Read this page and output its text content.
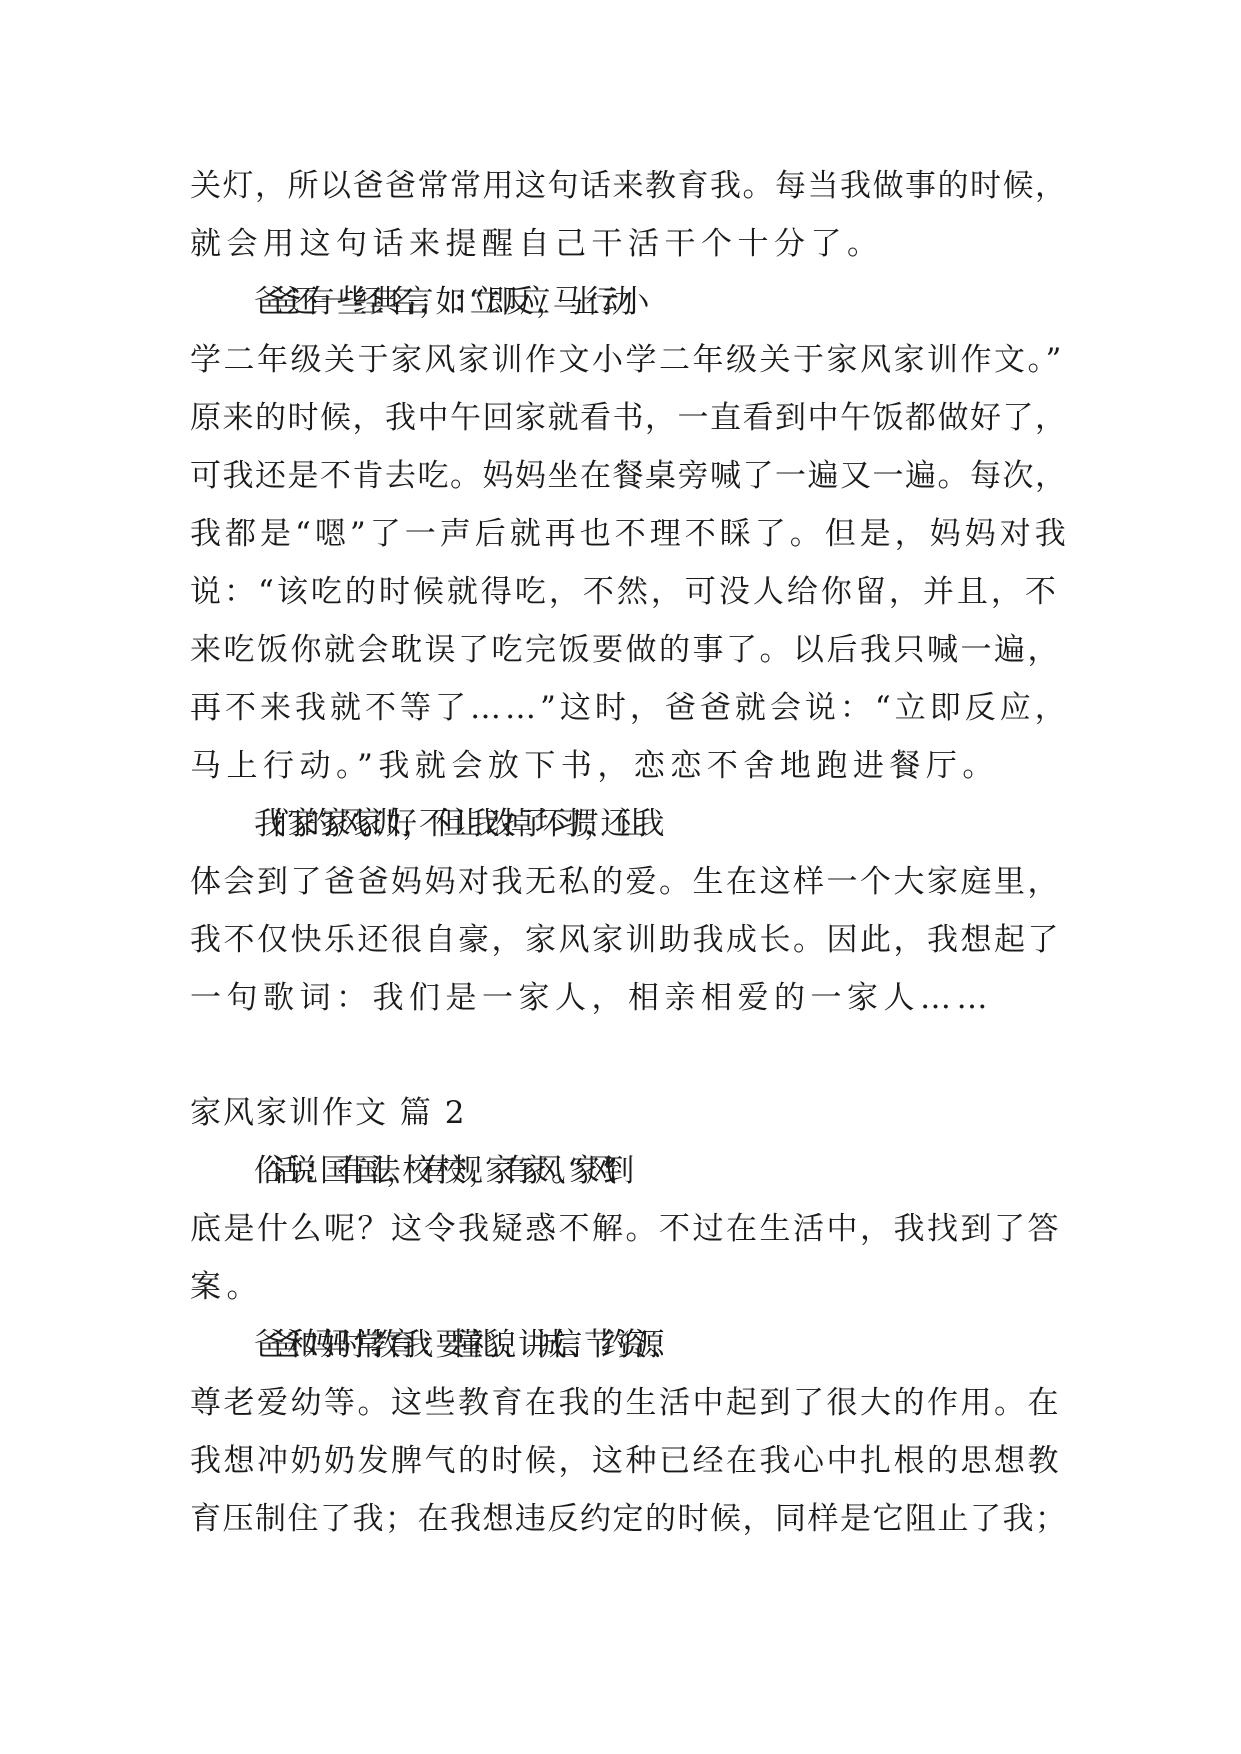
关灯，所以爸爸常常用这句话来教育我。每当我做事的时候，

就会用这句话来提醒自己干活干个十分了。

爸爸还有一些经典名言，如：“立即反应，马上行动小

学二年级关于家风家训作文小学二年级关于家风家训作文。”

原来的时候，我中午回家就看书，一直看到中午饭都做好了，

可我还是不肯去吃。妈妈坐在餐桌旁喊了一遍又一遍。每次，

我都是“嗯”了一声后就再也不理不睬了。但是，妈妈对我

说：“该吃的时候就得吃，不然，可没人给你留，并且，不

来吃饭你就会耽误了吃完饭要做的事了。以后我只喊一遍，

再不来我就不等了……”这时，爸爸就会说：“立即反应，

马上行动。”我就会放下书，恋恋不舍地跑进餐厅。

我们家的家风家训好，不但让我改掉了坏习惯，还让我

体会到了爸爸妈妈对我无私的爱。生在这样一个大家庭里，

我不仅快乐还很自豪，家风家训助我成长。因此，我想起了

一句歌词：我们是一家人，相亲相爱的一家人……

家风家训作文 篇 2

俗话说：国有国法，校有校规，家有家风。“家风”到

底是什么呢？这令我疑惑不解。不过在生活中，我找到了答

案。

爸爸和妈妈时常教育我：要懂礼貌、讲诚信、节约资源、

尊老爱幼等。这些教育在我的生活中起到了很大的作用。在

我想冲奶奶发脾气的时候，这种已经在我心中扎根的思想教

育压制住了我；在我想违反约定的时候，同样是它阻止了我；
